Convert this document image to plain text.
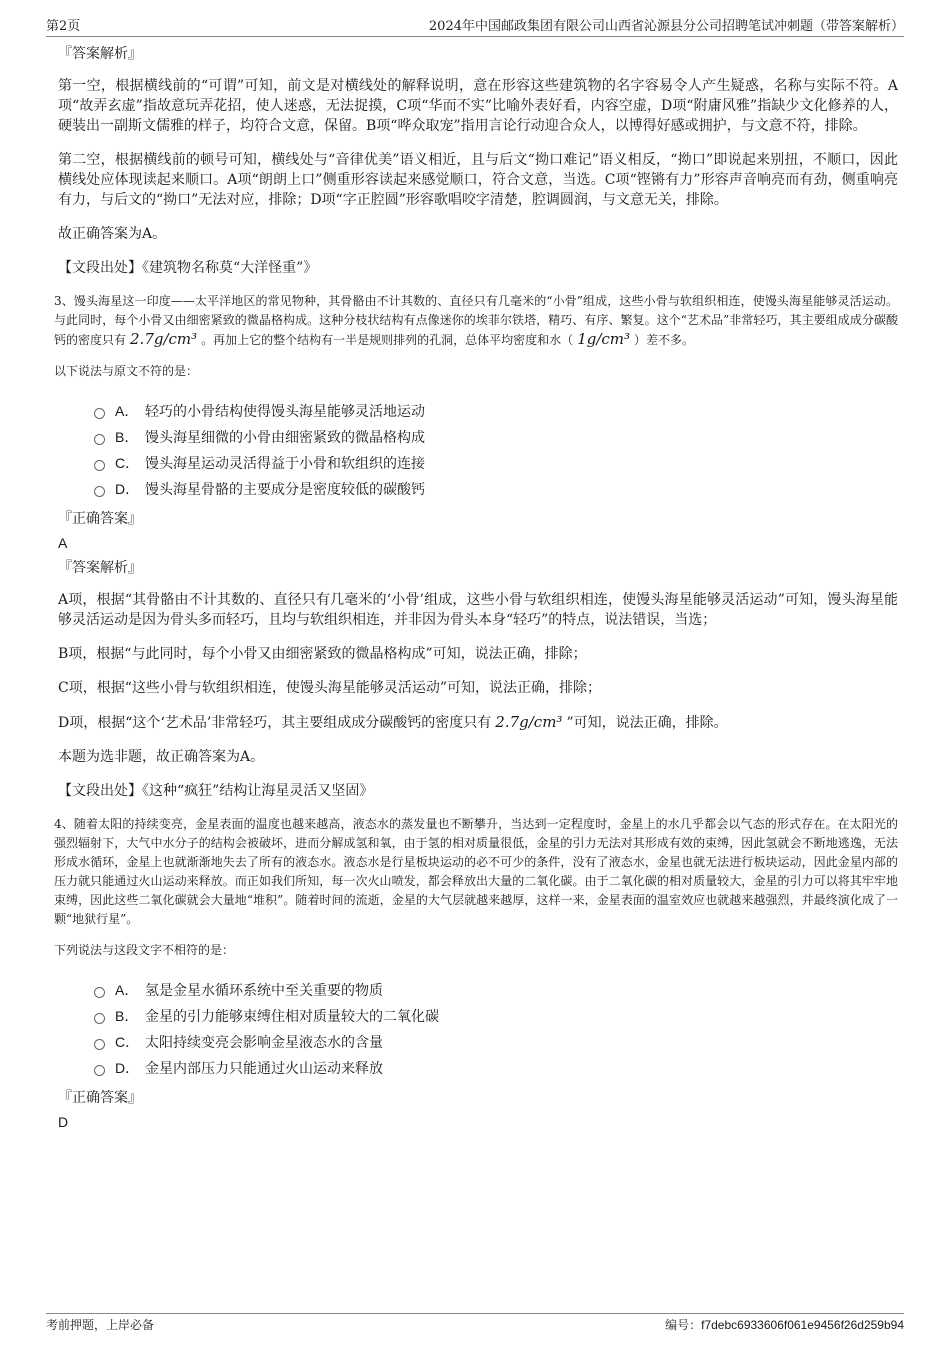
第2页	2024年中国邮政集团有限公司山西省沁源县分公司招聘笔试冲刺题（带答案解析）

『答案解析』

第一空，根据横线前的“可谓”可知，前文是对横线处的解释说明，意在形容这些建筑物的名字容易令人产生疑惑，名称与实际不符。A项“故弄玄虚”指故意玩弄花招，使人迷惑，无法捉摸，C项“华而不实”比喻外表好看，内容空虚，D项“附庸风雅”指缺少文化修养的人，硬装出一副斯文儒雅的样子，均符合文意，保留。B项“哗众取宠”指用言论行动迎合众人，以博得好感或拥护，与文意不符，排除。

第二空，根据横线前的顿号可知，横线处与“音律优美”语义相近，且与后文“拗口难记”语义相反，“拗口”即说起来别扭，不顺口，因此横线处应体现读起来顺口。A项“朗朗上口”侧重形容读起来感觉顺口，符合文意，当选。C项“铿锵有力”形容声音响亮而有劲，侧重响亮有力，与后文的“拗口”无法对应，排除；D项“字正腔圆”形容歌唱咬字清楚，腔调圆润，与文意无关，排除。

故正确答案为A。

【文段出处】《建筑物名称莫“大洋怪重”》

3、馒头海星这一印度——太平洋地区的常见物种，其骨骼由不计其数的、直径只有几毫米的“小骨”组成，这些小骨与软组织相连，使馒头海星能够灵活运动。与此同时，每个小骨又由细密紧致的微晶格构成。这种分枝状结构有点像迷你的埃菲尔铁塔，精巧、有序、繁复。这个“艺术品”非常轻巧，其主要组成成分碳酸钙的密度只有 2.7g/cm³ 。再加上它的整个结构有一半是规则排列的孔洞，总体平均密度和水（ 1g/cm³ ）差不多。

以下说法与原文不符的是：

A． 轻巧的小骨结构使得馒头海星能够灵活地运动
B． 馒头海星细微的小骨由细密紧致的微晶格构成
C． 馒头海星运动灵活得益于小骨和软组织的连接
D． 馒头海星骨骼的主要成分是密度较低的碳酸钙

『正确答案』

A

『答案解析』

A项，根据“其骨骼由不计其数的、直径只有几毫米的‘小骨’组成，这些小骨与软组织相连，使馒头海星能够灵活运动”可知，馒头海星能够灵活运动是因为骨头多而轻巧，且均与软组织相连，并非因为骨头本身“轻巧”的特点，说法错误，当选；

B项，根据“与此同时，每个小骨又由细密紧致的微晶格构成”可知，说法正确，排除；

C项，根据“这些小骨与软组织相连，使馒头海星能够灵活运动”可知，说法正确，排除；

D项，根据“这个‘艺术品’非常轻巧，其主要组成成分碳酸钙的密度只有 2.7g/cm³ ”可知，说法正确，排除。

本题为选非题，故正确答案为A。

【文段出处】《这种“疯狂”结构让海星灵活又坚固》

4、随着太阳的持续变亮，金星表面的温度也越来越高，液态水的蒸发量也不断攀升，当达到一定程度时，金星上的水几乎都会以气态的形式存在。在太阳光的强烈辐射下，大气中水分子的结构会被破坏，进而分解成氢和氧，由于氢的相对质量很低，金星的引力无法对其形成有效的束缚，因此氢就会不断地逃逸，无法形成水循环，金星上也就渐渐地失去了所有的液态水。液态水是行星板块运动的必不可少的条件，没有了液态水，金星也就无法进行板块运动，因此金星内部的压力就只能通过火山运动来释放。而正如我们所知，每一次火山喷发，都会释放出大量的二氧化碳。由于二氧化碳的相对质量较大，金星的引力可以将其牢牢地束缚，因此这些二氧化碳就会大量地“堆积”。随着时间的流逝，金星的大气层就越来越厚，这样一来，金星表面的温室效应也就越来越强烈，并最终演化成了一颗“地狱行星”。

下列说法与这段文字不相符的是：

A． 氢是金星水循环系统中至关重要的物质
B． 金星的引力能够束缚住相对质量较大的二氧化碳
C． 太阳持续变亮会影响金星液态水的含量
D． 金星内部压力只能通过火山运动来释放

『正确答案』

D

考前押题，上岸必备	编号：f7debc6933606f061e9456f26d259b94
